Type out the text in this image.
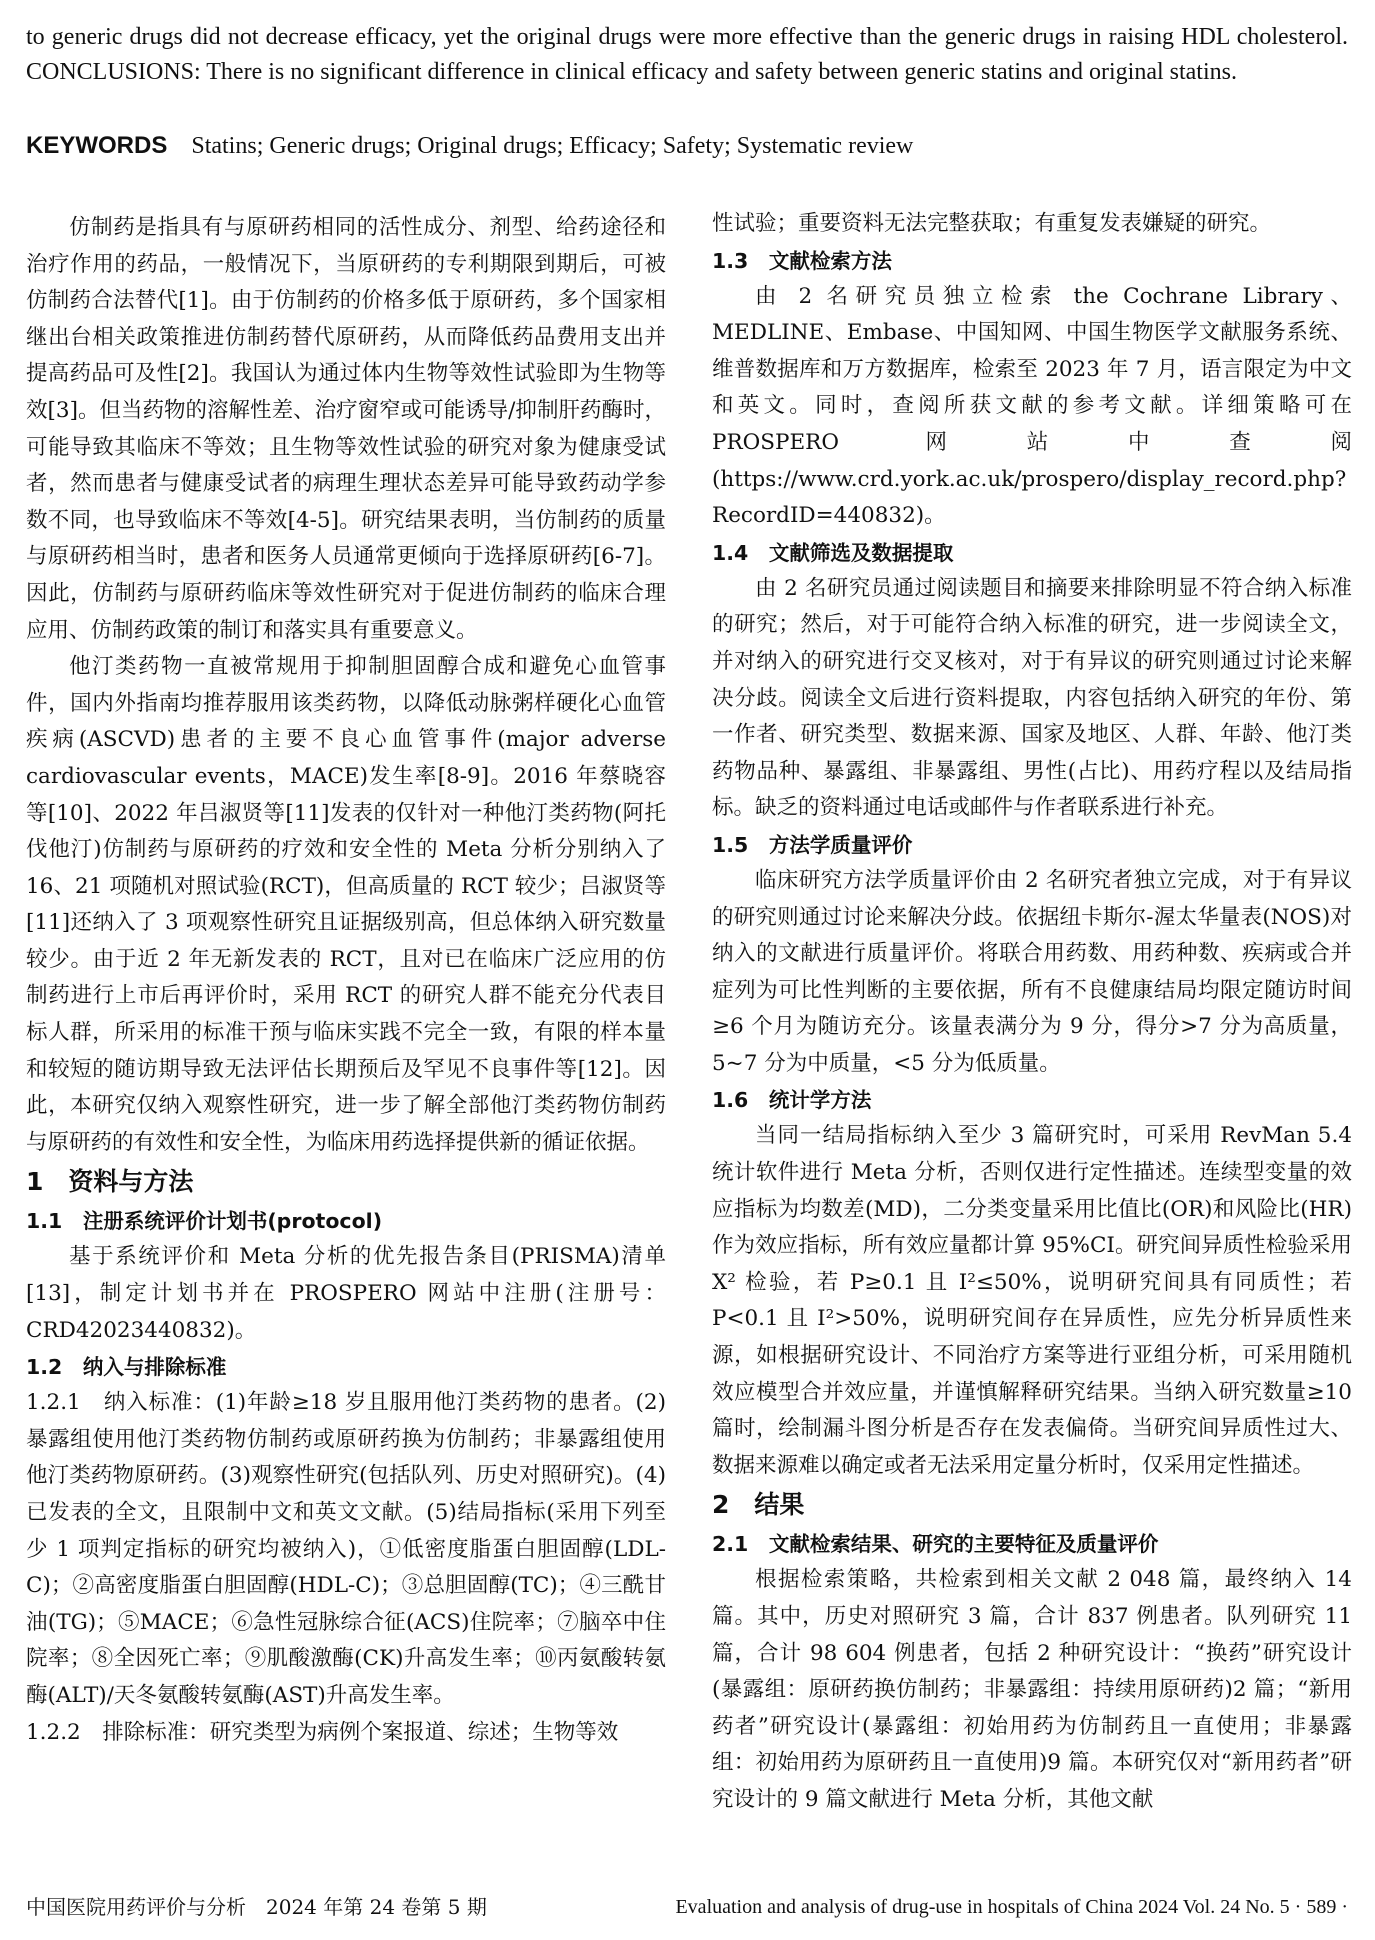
to generic drugs did not decrease efficacy, yet the original drugs were more effective than the generic drugs in raising HDL cholesterol. CONCLUSIONS: There is no significant difference in clinical efficacy and safety between generic statins and original statins.

KEYWORDS Statins; Generic drugs; Original drugs; Efficacy; Safety; Systematic review

仿制药是指具有与原研药相同的活性成分、剂型、给药途径和治疗作用的药品，一般情况下，当原研药的专利期限到期后，可被仿制药合法替代[1]。由于仿制药的价格多低于原研药，多个国家相继出台相关政策推进仿制药替代原研药，从而降低药品费用支出并提高药品可及性[2]。我国认为通过体内生物等效性试验即为生物等效[3]。但当药物的溶解性差、治疗窗窄或可能诱导/抑制肝药酶时，可能导致其临床不等效；且生物等效性试验的研究对象为健康受试者，然而患者与健康受试者的病理生理状态差异可能导致药动学参数不同，也导致临床不等效[4-5]。研究结果表明，当仿制药的质量与原研药相当时，患者和医务人员通常更倾向于选择原研药[6-7]。因此，仿制药与原研药临床等效性研究对于促进仿制药的临床合理应用、仿制药政策的制订和落实具有重要意义。

他汀类药物一直被常规用于抑制胆固醇合成和避免心血管事件，国内外指南均推荐服用该类药物，以降低动脉粥样硬化心血管疾病(ASCVD)患者的主要不良心血管事件(major adverse cardiovascular events，MACE)发生率[8-9]。2016 年蔡晓容等[10]、2022 年吕淑贤等[11]发表的仅针对一种他汀类药物(阿托伐他汀)仿制药与原研药的疗效和安全性的 Meta 分析分别纳入了 16、21 项随机对照试验(RCT)，但高质量的 RCT 较少；吕淑贤等[11]还纳入了 3 项观察性研究且证据级别高，但总体纳入研究数量较少。由于近 2 年无新发表的 RCT，且对已在临床广泛应用的仿制药进行上市后再评价时，采用 RCT 的研究人群不能充分代表目标人群，所采用的标准干预与临床实践不完全一致，有限的样本量和较短的随访期导致无法评估长期预后及罕见不良事件等[12]。因此，本研究仅纳入观察性研究，进一步了解全部他汀类药物仿制药与原研药的有效性和安全性，为临床用药选择提供新的循证依据。

1　资料与方法
1.1　注册系统评价计划书(protocol)

基于系统评价和 Meta 分析的优先报告条目(PRISMA)清单[13]，制定计划书并在 PROSPERO 网站中注册(注册号：CRD42023440832)。

1.2　纳入与排除标准

1.2.1　纳入标准：(1)年龄≥18 岁且服用他汀类药物的患者。(2)暴露组使用他汀类药物仿制药或原研药换为仿制药；非暴露组使用他汀类药物原研药。(3)观察性研究(包括队列、历史对照研究)。(4)已发表的全文，且限制中文和英文文献。(5)结局指标(采用下列至少 1 项判定指标的研究均被纳入)，①低密度脂蛋白胆固醇(LDL-C)；②高密度脂蛋白胆固醇(HDL-C)；③总胆固醇(TC)；④三酰甘油(TG)；⑤MACE；⑥急性冠脉综合征(ACS)住院率；⑦脑卒中住院率；⑧全因死亡率；⑨肌酸激酶(CK)升高发生率；⑩丙氨酸转氨酶(ALT)/天冬氨酸转氨酶(AST)升高发生率。

1.2.2　排除标准：研究类型为病例个案报道、综述；生物等效

性试验；重要资料无法完整获取；有重复发表嫌疑的研究。

1.3　文献检索方法

由 2 名研究员独立检索 the Cochrane Library、MEDLINE、Embase、中国知网、中国生物医学文献服务系统、维普数据库和万方数据库，检索至 2023 年 7 月，语言限定为中文和英文。同时，查阅所获文献的参考文献。详细策略可在 PROSPERO 网站中查阅(https://www.crd.york.ac.uk/prospero/display_record.php? RecordID=440832)。

1.4　文献筛选及数据提取

由 2 名研究员通过阅读题目和摘要来排除明显不符合纳入标准的研究；然后，对于可能符合纳入标准的研究，进一步阅读全文，并对纳入的研究进行交叉核对，对于有异议的研究则通过讨论来解决分歧。阅读全文后进行资料提取，内容包括纳入研究的年份、第一作者、研究类型、数据来源、国家及地区、人群、年龄、他汀类药物品种、暴露组、非暴露组、男性(占比)、用药疗程以及结局指标。缺乏的资料通过电话或邮件与作者联系进行补充。

1.5　方法学质量评价

临床研究方法学质量评价由 2 名研究者独立完成，对于有异议的研究则通过讨论来解决分歧。依据纽卡斯尔-渥太华量表(NOS)对纳入的文献进行质量评价。将联合用药数、用药种数、疾病或合并症列为可比性判断的主要依据，所有不良健康结局均限定随访时间≥6 个月为随访充分。该量表满分为 9 分，得分>7 分为高质量，5~7 分为中质量，<5 分为低质量。

1.6　统计学方法

当同一结局指标纳入至少 3 篇研究时，可采用 RevMan 5.4 统计软件进行 Meta 分析，否则仅进行定性描述。连续型变量的效应指标为均数差(MD)，二分类变量采用比值比(OR)和风险比(HR)作为效应指标，所有效应量都计算 95%CI。研究间异质性检验采用 X² 检验，若 P≥0.1 且 I²≤50%，说明研究间具有同质性；若 P<0.1 且 I²>50%，说明研究间存在异质性，应先分析异质性来源，如根据研究设计、不同治疗方案等进行亚组分析，可采用随机效应模型合并效应量，并谨慎解释研究结果。当纳入研究数量≥10 篇时，绘制漏斗图分析是否存在发表偏倚。当研究间异质性过大、数据来源难以确定或者无法采用定量分析时，仅采用定性描述。

2　结果
2.1　文献检索结果、研究的主要特征及质量评价

根据检索策略，共检索到相关文献 2 048 篇，最终纳入 14 篇。其中，历史对照研究 3 篇，合计 837 例患者。队列研究 11 篇，合计 98 604 例患者，包括 2 种研究设计：“换药”研究设计(暴露组：原研药换仿制药；非暴露组：持续用原研药)2 篇；“新用药者”研究设计(暴露组：初始用药为仿制药且一直使用；非暴露组：初始用药为原研药且一直使用)9 篇。本研究仅对“新用药者”研究设计的 9 篇文献进行 Meta 分析，其他文献

中国医院用药评价与分析　2024 年第 24 卷第 5 期	Evaluation and analysis of drug-use in hospitals of China 2024 Vol. 24 No. 5 · 589 ·
